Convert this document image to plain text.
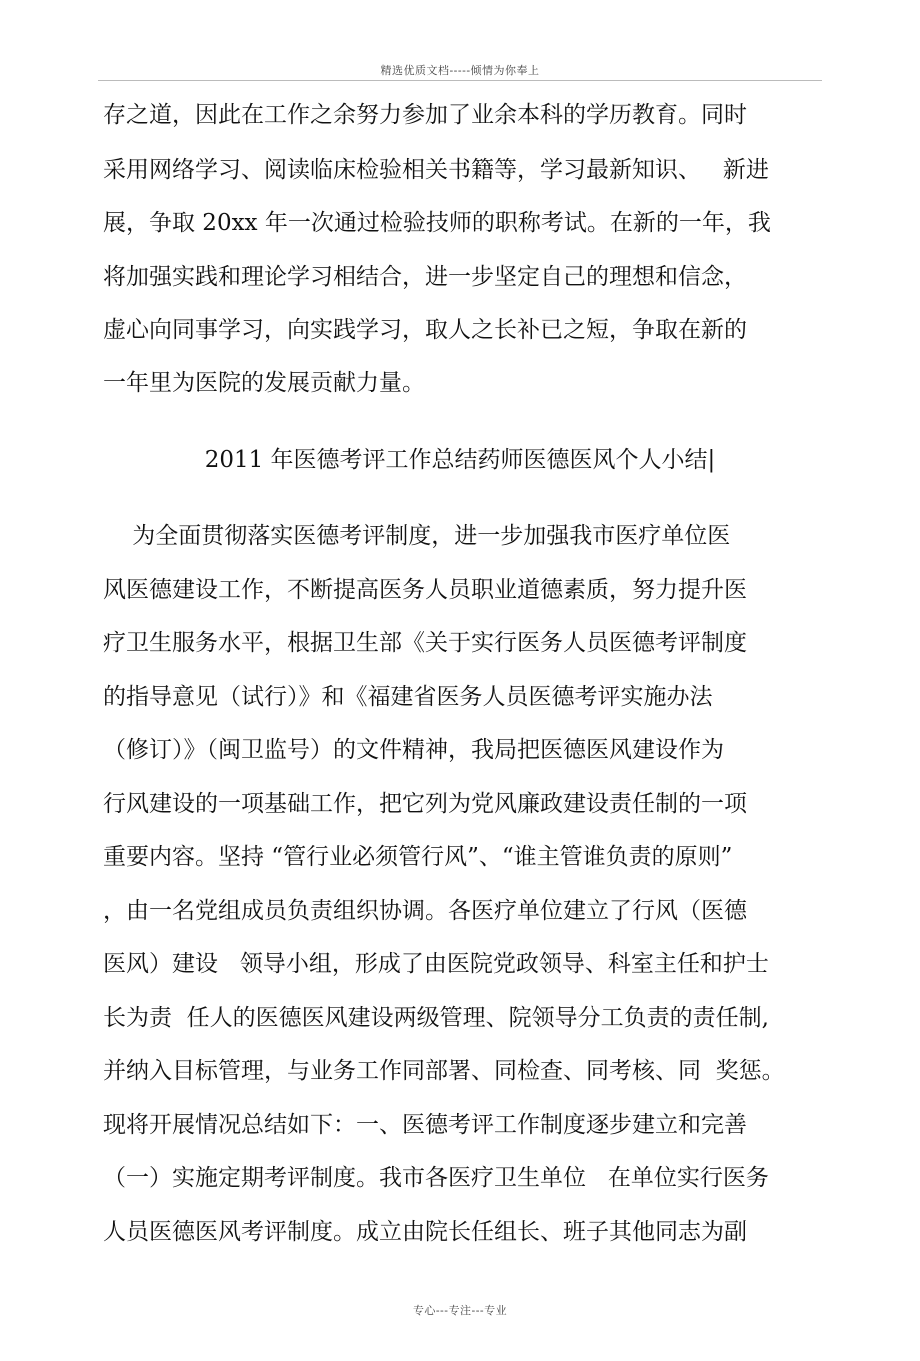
精选优质文档-----倾情为你奉上
存之道，因此在工作之余努力参加了业余本科的学历教育。同时
采用网络学习、阅读临床检验相关书籍等，学习最新知识、   新进
展，争取 20xx 年一次通过检验技师的职称考试。在新的一年，我
将加强实践和理论学习相结合，进一步坚定自己的理想和信念，
虚心向同事学习，向实践学习，取人之长补已之短，争取在新的
一年里为医院的发展贡献力量。
2011 年医德考评工作总结药师医德医风个人小结|
为全面贯彻落实医德考评制度，进一步加强我市医疗单位医
风医德建设工作，不断提高医务人员职业道德素质，努力提升医
疗卫生服务水平，根据卫生部《关于实行医务人员医德考评制度
的指导意见（试行）》和《福建省医务人员医德考评实施办法
（修订）》（闽卫监号）的文件精神，我局把医德医风建设作为
行风建设的一项基础工作，把它列为党风廉政建设责任制的一项
重要内容。坚持 “管行业必须管行风”、“谁主管谁负责的原则”
，由一名党组成员负责组织协调。各医疗单位建立了行风（医德
医风）建设   领导小组，形成了由医院党政领导、科室主任和护士
长为责  任人的医德医风建设两级管理、院领导分工负责的责任制,
并纳入目标管理，与业务工作同部署、同检查、同考核、同  奖惩。
现将开展情况总结如下：一、医德考评工作制度逐步建立和完善
（一）实施定期考评制度。我市各医疗卫生单位   在单位实行医务
人员医德医风考评制度。成立由院长任组长、班子其他同志为副
专心---专注---专业
